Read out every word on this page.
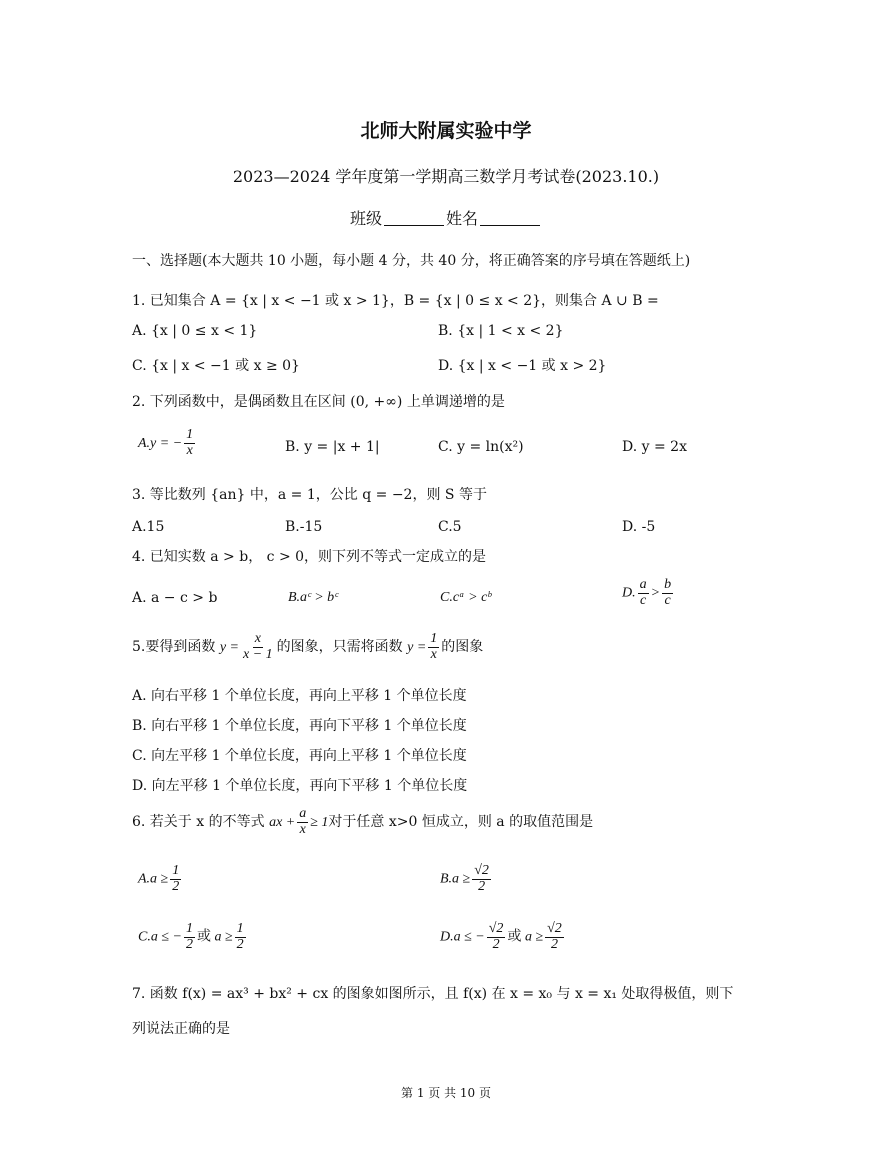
北师大附属实验中学
2023—2024 学年度第一学期高三数学月考试卷(2023.10.)
班级	姓名
一、选择题(本大题共 10 小题，每小题 4 分，共 40 分，将正确答案的序号填在答题纸上)
1. 已知集合 A = {x | x < −1 或 x > 1}，B = {x | 0 ≤ x < 2}，则集合 A ∪ B =
A. {x | 0 ≤ x < 1}	B. {x | 1 < x < 2}
C. {x | x < −1 或 x ≥ 0}	D. {x | x < −1 或 x > 2}
2. 下列函数中，是偶函数且在区间 (0, +∞) 上单调递增的是
A.y = − $\frac{1}{x}$	B. y = |x + 1|	C. y = ln(x²)	D. y = 2x
3. 等比数列 {an} 中，a = 1，公比 q = −2，则 S 等于
A.15	B.-15	C.5	D. -5
4. 已知实数 a > b， c > 0，则下列不等式一定成立的是
A. a − c > b	B.aᶜ > bᶜ	C.cᵃ > cᵇ	D. $\frac{a}{c} > \frac{b}{c}$
5.要得到函数 $y = \frac{x}{x - 1}$ 的图象，只需将函数 $y = \frac{1}{x}$ 的图象
A. 向右平移 1 个单位长度，再向上平移 1 个单位长度
B. 向右平移 1 个单位长度，再向下平移 1 个单位长度
C. 向左平移 1 个单位长度，再向上平移 1 个单位长度
D. 向左平移 1 个单位长度，再向下平移 1 个单位长度
6. 若关于 x 的不等式 ax + $\frac{a}{x} \ge 1$对于任意 x>0 恒成立，则 a 的取值范围是
$A.a \ge \frac{1}{2}$	$B.a \ge \frac{√2}{2}$
C.a ≤ − $\frac{1}{2}$ 或 $a \ge \frac{1}{2}$	D.a ≤ − $\frac{√2}{2}$ 或 $a \ge \frac{√2}{2}$
7. 函数 f(x) = ax³ + bx² + cx 的图象如图所示，且 f(x) 在 x = x₀ 与 x = x₁ 处取得极值，则下
列说法正确的是
第 1 页 共 10 页
